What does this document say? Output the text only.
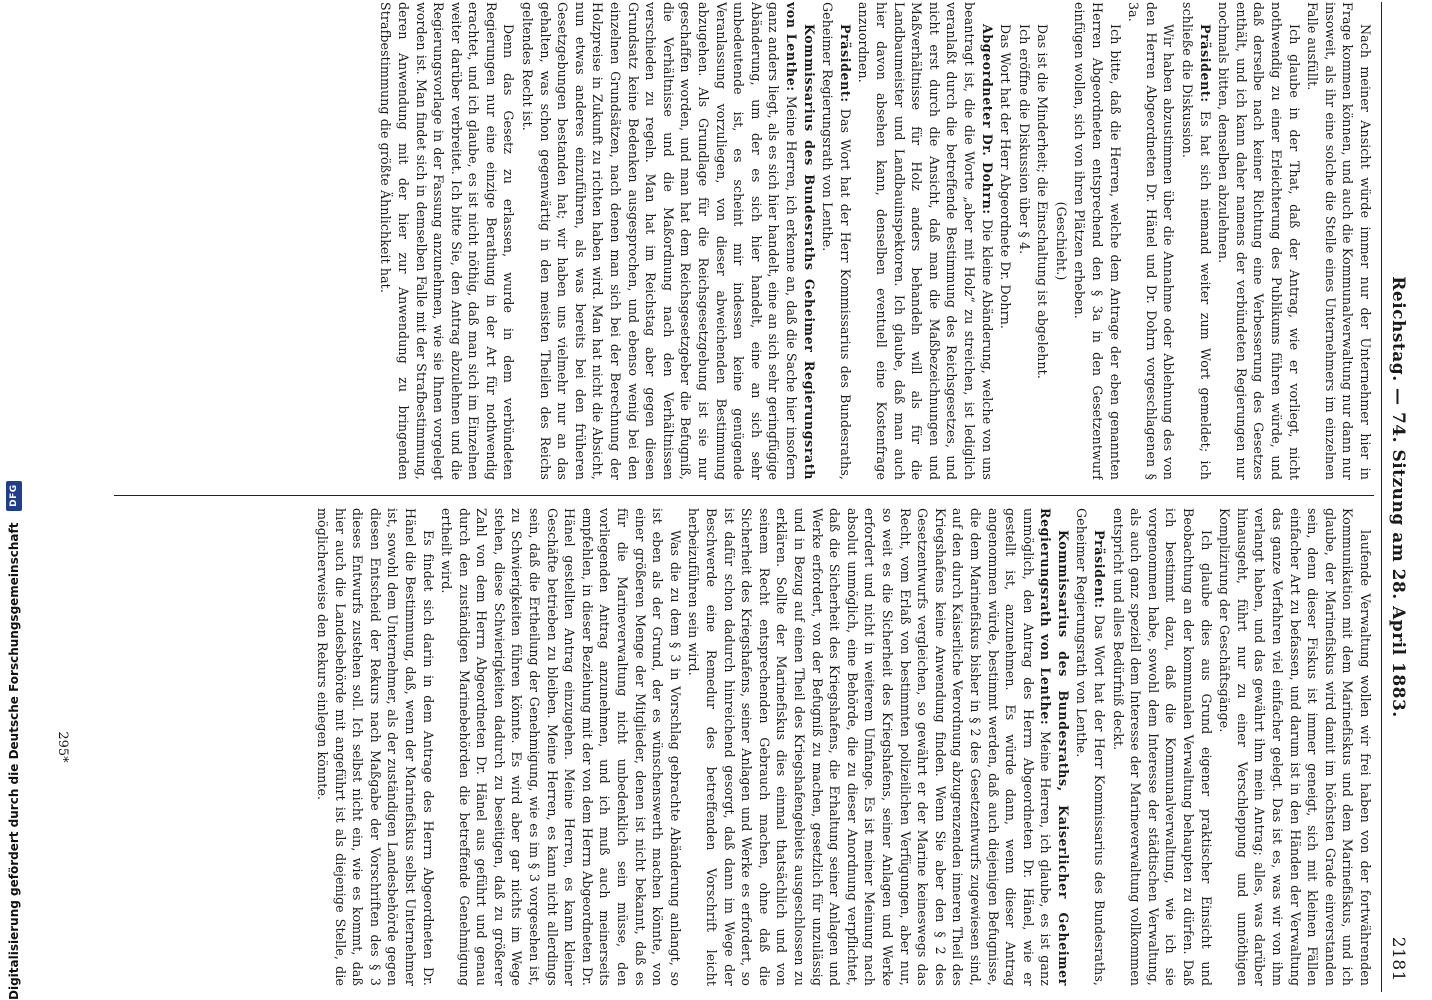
Reichstag. — 74. Sitzung am 28. April 1883.
2181

Nach meiner Ansicht würde immer nur der Unternehmer hier in Frage kommen können, und auch die Kommunalverwaltung nur dann nur insoweit, als ihr eine solche die Stelle eines Unternehmers im einzelnen Falle ausfüllt.

Ich glaube in der That, daß der Antrag, wie er vorliegt, nicht nothwendig zu einer Erleichterung des Publikums führen würde, und daß derselbe nach keiner Richtung eine Verbesserung des Gesetzes enthält, und ich kann daher namens der verbündeten Regierungen nur nochmals bitten, denselben abzulehnen.

Präsident: Es hat sich niemand weiter zum Wort gemeldet; ich schließe die Diskussion.

Wir haben abzustimmen über die Annahme oder Ablehnung des von den Herren Abgeordneten Dr. Hänel und Dr. Dohrn vorgeschlagenen § 3a.

Ich bitte, daß die Herren, welche dem Antrage der eben genannten Herren Abgeordneten entsprechend den § 3a in den Gesetzentwurf einfügen wollen, sich von ihren Plätzen erheben.

(Geschieht.)

Das ist die Minderheit; die Einschaltung ist abgelehnt.

Ich eröffne die Diskussion über § 4.

Das Wort hat der Herr Abgeordnete Dr. Dohrn.

Abgeordneter Dr. Dohrn: Die kleine Abänderung, welche von uns beantragt ist, die die Worte „aber mit Holz“ zu streichen, ist lediglich veranlaßt durch die betreffende Bestimmung des Reichsgesetzes, und nicht erst durch die Ansicht, daß man die Maßbezeichnungen und Maßverhältnisse für Holz anders behandeln will als für die Landbaumeister und Landbauinspektoren. Ich glaube, daß man auch hier davon absehen kann, denselben eventuell eine Kostenfrage anzuordnen.

Präsident: Das Wort hat der Herr Kommissarius des Bundesraths, Geheimer Regierungsrath von Lenthe.

Kommissarius des Bundesraths Geheimer Regierungsrath von Lenthe: Meine Herren, ich erkenne an, daß die Sache hier insofern ganz anders liegt, als es sich hier handelt, eine an sich sehr geringfügige Abänderung, um der es sich hier handelt, eine an sich sehr unbedeutende ist, es scheint mir indessen keine genügende Veranlassung vorzuliegen, von dieser abweichenden Bestimmung abzugehen. Als Grundlage für die Reichsgesetzgebung ist sie nur geschaffen worden, und man hat dem Reichsgesetzgeber die Befugniß, die Verhältnisse und die Maßordnung nach den Verhältnissen verschieden zu regeln. Man hat im Reichstag aber gegen diesen Grundsatz keine Bedenken ausgesprochen, und ebenso wenig bei den einzelnen Grundsätzen, nach denen man sich bei der Berechnung der Holzpreise in Zukunft zu richten haben wird. Man hat nicht die Absicht, nun etwas anderes einzuführen, als was bereits bei den früheren Gesetzgebungen bestanden hat; wir haben uns vielmehr nur an das gehalten, was schon gegenwärtig in den meisten Theilen des Reichs geltendes Recht ist.

Denn das Gesetz zu erlassen, wurde in dem verbündeten Regierungen nur eine einzige Berathung in der Art für nothwendig erachtet, und ich glaube, es ist nicht nöthig, daß man sich im Einzelnen weiter darüber verbreitet. Ich bitte Sie, den Antrag abzulehnen und die Regierungsvorlage in der Fassung anzunehmen, wie sie Ihnen vorgelegt worden ist. Man findet sich in demselben Falle mit der Strafbestimmung, deren Anwendung mit der hier zur Anwendung zu bringenden Strafbestimmung die größte Ähnlichkeit hat.

laufende Verwaltung wollen wir frei haben von der fortwährenden Kommunikation mit dem Marinefiskus und dem Marinefiskus, und ich glaube, der Marinefiskus wird damit im höchsten Grade einverstanden sein, denn dieser Fiskus ist immer geneigt, sich mit kleinen Fällen einfacher Art zu befassen, und darum ist in den Händen der Verwaltung das ganze Verfahren viel einfacher gelegt. Das ist es, was wir von ihm verlangt haben, und das gewährt ihm mein Antrag; alles, was darüber hinausgeht, führt nur zu einer Verschleppung und unnöthigen Komplizirung der Geschäftsgänge.

Ich glaube dies aus Grund eigener praktischer Einsicht und Beobachtung an der kommunalen Verwaltung behaupten zu dürfen. Daß ich bestimmt dazu, daß die Kommunalverwaltung, wie ich sie vorgenommen habe, sowohl dem Interesse der städtischen Verwaltung, als auch ganz speziell dem Interesse der Marineverwaltung vollkommen entspricht und alles Bedürfniß deckt.

Präsident: Das Wort hat der Herr Kommissarius des Bundesraths, Geheimer Regierungsrath von Lenthe.

Kommissarius des Bundesraths, Kaiserlicher Geheimer Regierungsrath von Lenthe: Meine Herren, ich glaube, es ist ganz unmöglich, den Antrag des Herrn Abgeordneten Dr. Hänel, wie er gestellt ist, anzunehmen. Es würde dann, wenn dieser Antrag angenommen würde, bestimmt werden, daß auch diejenigen Befugnisse, die dem Marinefiskus bisher in § 2 des Gesetzentwurfs zugewiesen sind, auf den durch Kaiserliche Verordnung abzugrenzenden inneren Theil des Kriegshafens keine Anwendung finden. Wenn Sie aber den § 2 des Gesetzentwurfs vergleichen, so gewährt er der Marine keineswegs das Recht, vom Erlaß von bestimmten polizeilichen Verfügungen, aber nur, so weit es die Sicherheit des Kriegshafens, seiner Anlagen und Werke erfordert und nicht in weiterem Umfange. Es ist meiner Meinung nach absolut unmöglich, eine Behörde, die zu dieser Anordnung verpflichtet, daß die Sicherheit des Kriegshafens, die Erhaltung seiner Anlagen und Werke erfordert, von der Befugniß zu machen, gesetzlich für unzulässig und in Bezug auf einen Theil des Kriegshafengebiets ausgeschlossen zu erklären. Sollte der Marinefiskus dies einmal thatsächlich und von seinem Recht entsprechenden Gebrauch machen, ohne daß die Sicherheit des Kriegshafens, seiner Anlagen und Werke es erfordert, so ist dafür schon dadurch hinreichend gesorgt, daß dann im Wege der Beschwerde eine Remedur des betreffenden Vorschrift leicht herbeizuführen sein wird.

Was die zu dem § 3 in Vorschlag gebrachte Abänderung anlangt, so ist eben als der Grund, der es wünschenswerth machen könnte, von einer größeren Menge der Mitglieder, denen ist nicht bekannt, daß es für die Marineverwaltung nicht unbedenklich sein müsse, den vorliegenden Antrag anzunehmen, und ich muß auch meinerseits empfehlen, in dieser Beziehung mit der von dem Herrn Abgeordneten Dr. Hänel gestellten Antrag einzugehen. Meine Herren, es kann kleiner Geschäfte betrieben zu bleiben. Meine Herren, es kann nicht allerdings sein, daß die Ertheilung der Genehmigung, wie es im § 3 vorgesehen ist, zu Schwierigkeiten führen könnte. Es wird aber gar nichts im Wege stehen, diese Schwierigkeiten dadurch zu beseitigen, daß zu größerer Zahl von dem Herrn Abgeordneten Dr. Hänel aus geführt und genau durch den zuständigen Marinebehörden die betreffende Genehmigung ertheilt wird.

Es findet sich darin in dem Antrage des Herrn Abgeordneten Dr. Hänel die Bestimmung, daß, wenn der Marinefiskus selbst Unternehmer ist, sowohl dem Unternehmer, als der zuständigen Landesbehörde gegen diesen Entscheid der Rekurs nach Maßgabe der Vorschriften des § 3 dieses Entwurfs zustehen soll. Ich selbst nicht ein, wie es kommt, daß hier auch die Landesbehörde mit angeführt ist als diejenige Stelle, die möglicherweise den Rekurs einlegen könnte.

295*
Digitalisierung gefördert durch die Deutsche Forschungsgemeinschaft
DFG
